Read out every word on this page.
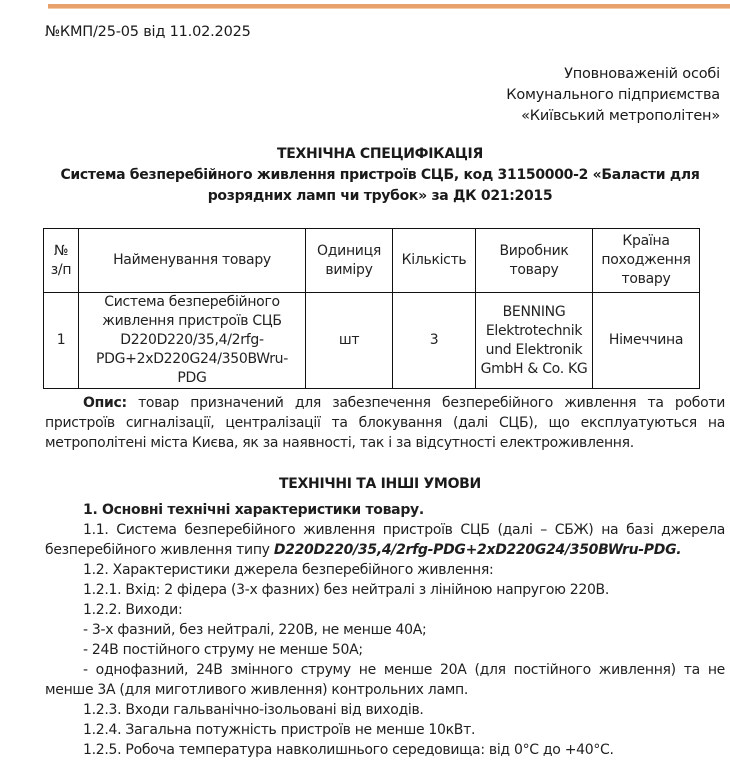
№КМП/25-05 від 11.02.2025
Уповноваженій особі
Комунального підприємства
«Київський метрополітен»
ТЕХНІЧНА СПЕЦИФІКАЦІЯ
Система безперебійного живлення пристроїв СЦБ, код 31150000-2 «Баласти для розрядних ламп чи трубок» за ДК 021:2015
№ з/п	Найменування товару	Одиниця виміру	Кількість	Виробник товару	Країна походження товару
1	Система безперебійного живлення пристроїв СЦБ D220D220/35,4/2rfg-PDG+2xD220G24/350BWru-PDG	шт	3	BENNING Elektrotechnik und Elektronik GmbH & Co. KG	Німеччина
Опис: товар призначений для забезпечення безперебійного живлення та роботи пристроїв сигналізації, централізації та блокування (далі СЦБ), що експлуатуються на метрополітені міста Києва, як за наявності, так і за відсутності електроживлення.
ТЕХНІЧНІ ТА ІНШІ УМОВИ

1. Основні технічні характеристики товару.

1.1. Система безперебійного живлення пристроїв СЦБ (далі – СБЖ) на базі джерела безперебійного живлення типу D220D220/35,4/2rfg-PDG+2xD220G24/350BWru-PDG.

1.2. Характеристики джерела безперебійного живлення:

1.2.1. Вхід: 2 фідера (3-х фазних) без нейтралі з лінійною напругою 220В.

1.2.2. Виходи:

- 3-х фазний, без нейтралі, 220В, не менше 40А;

- 24В постійного струму не менше 50А;

- однофазний, 24В змінного струму не менше 20А (для постійного живлення) та не менше 3А (для миготливого живлення) контрольних ламп.

1.2.3. Входи гальванічно-ізольовані від виходів.

1.2.4. Загальна потужність пристроїв не менше 10кВт.

1.2.5. Робоча температура навколишнього середовища: від 0°С до +40°С.
